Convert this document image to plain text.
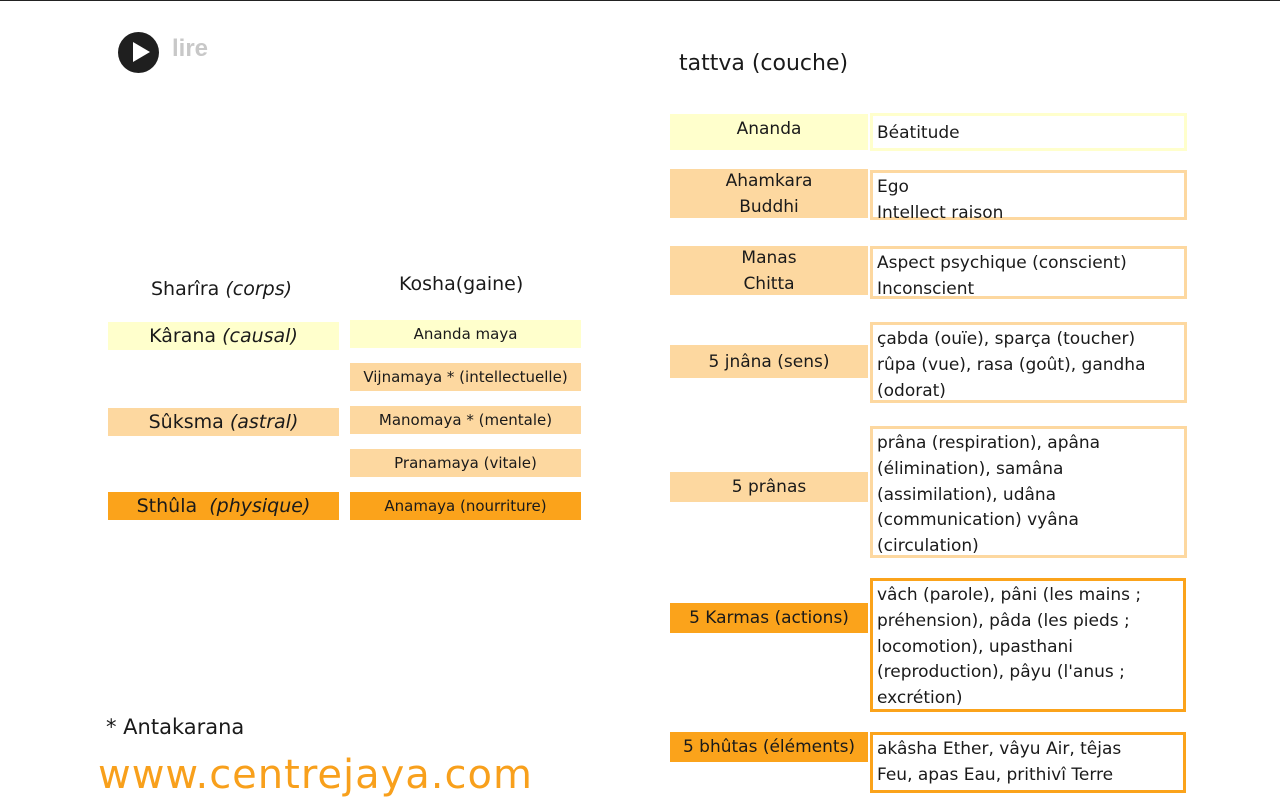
lire
Sharîra (corps)	Kosha(gaine)
tattva (couche)
Kârana
(causal)
Sûksma
(astral)
Sthûla
(physique)
Ananda maya
Vijnamaya * (intellectuelle)
Manomaya * (mentale)
Pranamaya (vitale)
Anamaya (nourriture)
Ananda
Ahamkara
Buddhi
Manas
Chitta
5 jnâna (sens)
5 prânas
5 Karmas (actions)
5 bhûtas (éléments)
Béatitude
Ego
Intellect raison
Aspect psychique (conscient)
Inconscient
çabda (ouïe), sparça (toucher)
rûpa (vue), rasa (goût), gandha
(odorat)
prâna (respiration), apâna
(élimination), samâna
(assimilation), udâna
(communication) vyâna
(circulation)
vâch (parole), pâni (les mains ;
préhension), pâda (les pieds ;
locomotion), upasthani
(reproduction), pâyu (l'anus ;
excrétion)
akâsha Ether, vâyu Air, têjas
Feu, apas Eau, prithivî Terre
* Antakarana
www.centrejaya.com
